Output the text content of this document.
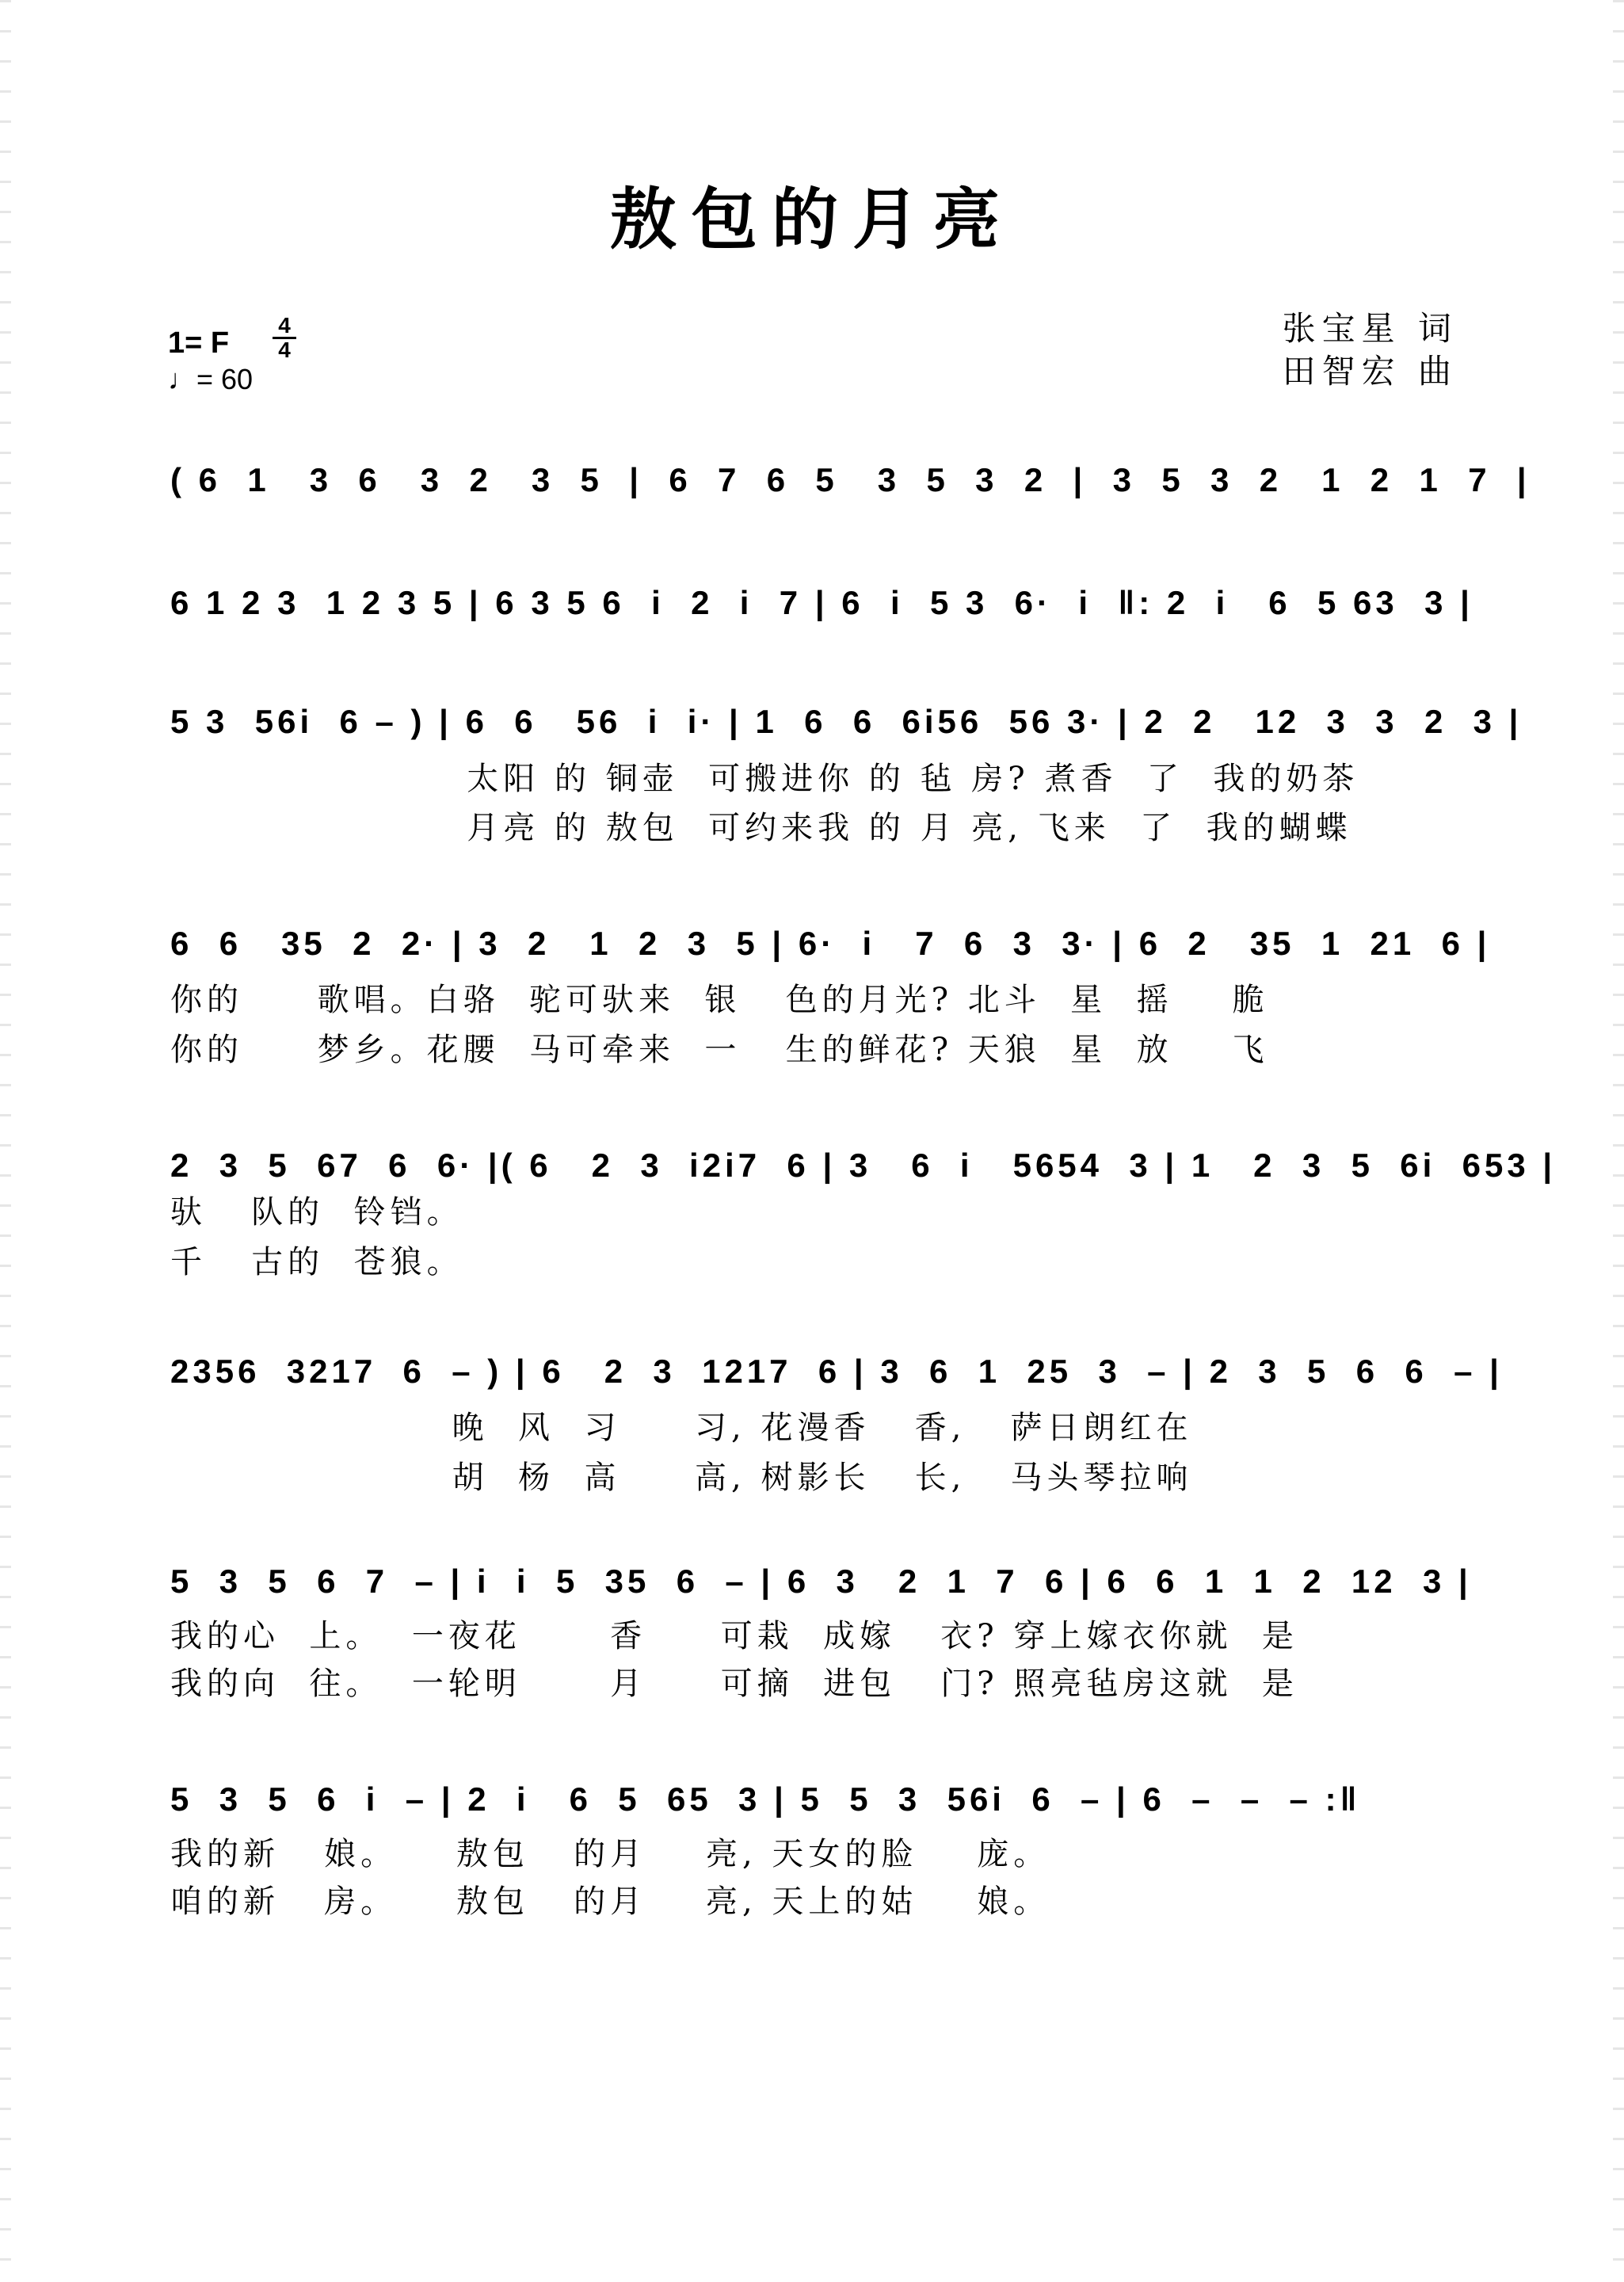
敖包的月亮
张宝星 词
田智宏 曲
1= F
4
4
♩= 60
( 6  1   3  6   3  2   3  5  |  6  7  6  5   3  5  3  2  |  3  5  3  2   1  2  1  7  |
6 1 2 3  1 2 3 5 | 6 3 5 6  i  2  i  7 | 6  i  5 3  6·  i  ‖: 2  i   6  5 63  3 |
5 3  56i  6 – ) | 6  6   56  i  i· | 1  6  6  6i56  56 3· | 2  2   12  3  3  2  3 |
太阳 的 铜壶  可搬进你 的 毡 房? 煮香  了  我的奶茶
月亮 的 敖包  可约来我 的 月 亮, 飞来  了  我的蝴蝶
6  6   35  2  2· | 3  2   1  2  3  5 | 6·  i   7  6  3  3· | 6  2   35  1  21  6 |
你的     歌唱。白骆  驼可驮来  银   色的月光? 北斗  星  摇    脆
你的     梦乡。花腰  马可牵来  一   生的鲜花? 天狼  星  放    飞
2  3  5  67  6  6· |( 6   2  3  i2i7  6 | 3   6  i   5654  3 | 1   2  3  5  6i  653 |
驮   队的  铃铛。
千   古的  苍狼。
2356  3217  6  – ) | 6   2  3  1217  6 | 3  6  1  25  3  – | 2  3  5  6  6  – |
晚  风  习     习, 花漫香   香,   萨日朗红在
胡  杨  高     高, 树影长   长,   马头琴拉响
5  3  5  6  7  – | i  i  5  35  6  – | 6  3   2  1  7  6 | 6  6  1  1  2  12  3 |
我的心  上。  一夜花      香     可栽  成嫁   衣? 穿上嫁衣你就  是
我的向  往。  一轮明      月     可摘  进包   门? 照亮毡房这就  是
5  3  5  6  i  – | 2  i   6  5  65  3 | 5  5  3  56i  6  – | 6  –  –  – :‖
我的新   娘。    敖包   的月    亮, 天女的脸    庞。
咱的新   房。    敖包   的月    亮, 天上的姑    娘。
